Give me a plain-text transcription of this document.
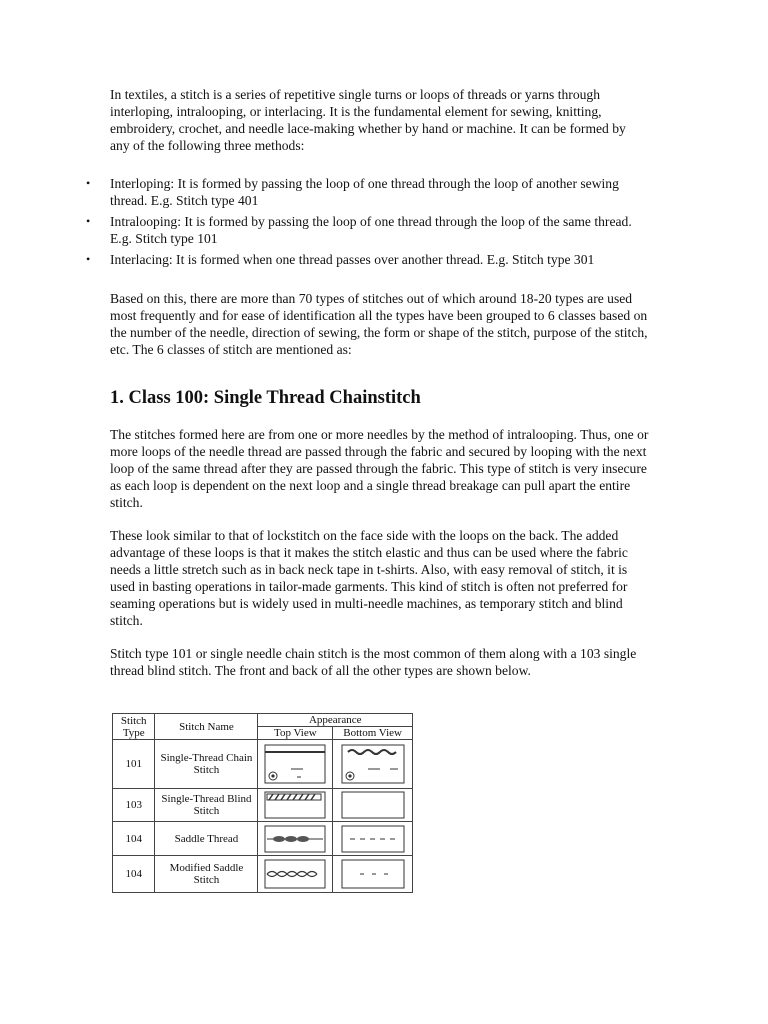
In textiles, a stitch is a series of repetitive single turns or loops of threads or yarns through interloping, intralooping, or interlacing. It is the fundamental element for sewing, knitting, embroidery, crochet, and needle lace-making whether by hand or machine. It can be formed by any of the following three methods:

• Interloping: It is formed by passing the loop of one thread through the loop of another sewing thread. E.g. Stitch type 401
• Intralooping: It is formed by passing the loop of one thread through the loop of the same thread. E.g. Stitch type 101
• Interlacing: It is formed when one thread passes over another thread. E.g. Stitch type 301

Based on this, there are more than 70 types of stitches out of which around 18-20 types are used most frequently and for ease of identification all the types have been grouped to 6 classes based on the number of the needle, direction of sewing, the form or shape of the stitch, purpose of the stitch, etc. The 6 classes of stitch are mentioned as:

1. Class 100: Single Thread Chainstitch

The stitches formed here are from one or more needles by the method of intralooping. Thus, one or more loops of the needle thread are passed through the fabric and secured by looping with the next loop of the same thread after they are passed through the fabric. This type of stitch is very insecure as each loop is dependent on the next loop and a single thread breakage can pull apart the entire stitch.

These look similar to that of lockstitch on the face side with the loops on the back. The added advantage of these loops is that it makes the stitch elastic and thus can be used where the fabric needs a little stretch such as in back neck tape in t-shirts. Also, with easy removal of stitch, it is used in basting operations in tailor-made garments. This kind of stitch is often not preferred for seaming operations but is widely used in multi-needle machines, as temporary stitch and blind stitch.

Stitch type 101 or single needle chain stitch is the most common of them along with a 103 single thread blind stitch. The front and back of all the other types are shown below.

Stitch Type	Stitch Name	Appearance	
		Top View	Bottom View
101	Single-Thread Chain Stitch	

103	Single-Thread Blind Stitch	

104	Saddle Thread	

104	Modified Saddle Stitch	
